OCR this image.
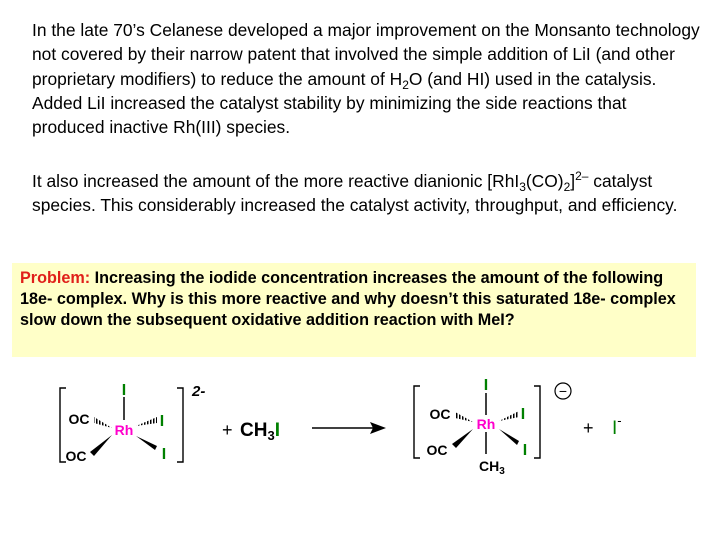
In the late 70’s Celanese developed a major improvement on the Monsanto technology not covered by their narrow patent that involved the simple addition of LiI (and other proprietary modifiers) to reduce the amount of $H_2O$ (and HI) used in the catalysis. Added LiI increased the catalyst stability by minimizing the side reactions that produced inactive Rh(III) species.
It also increased the amount of the more reactive dianionic $[RhI_3(CO)_2]^{2-}$ catalyst species. This considerably increased the catalyst activity, throughput, and efficiency.
Problem: Increasing the iodide concentration increases the amount of the following 18e- complex. Why is this more reactive and why doesn’t this saturated 18e- complex slow down the subsequent oxidative addition reaction with MeI?
Rh
I
I
I
OC
OC
2-
+ $CH_3I$	Rh
I
I
I
OC
OC
$CH_3$
−
+ I-
